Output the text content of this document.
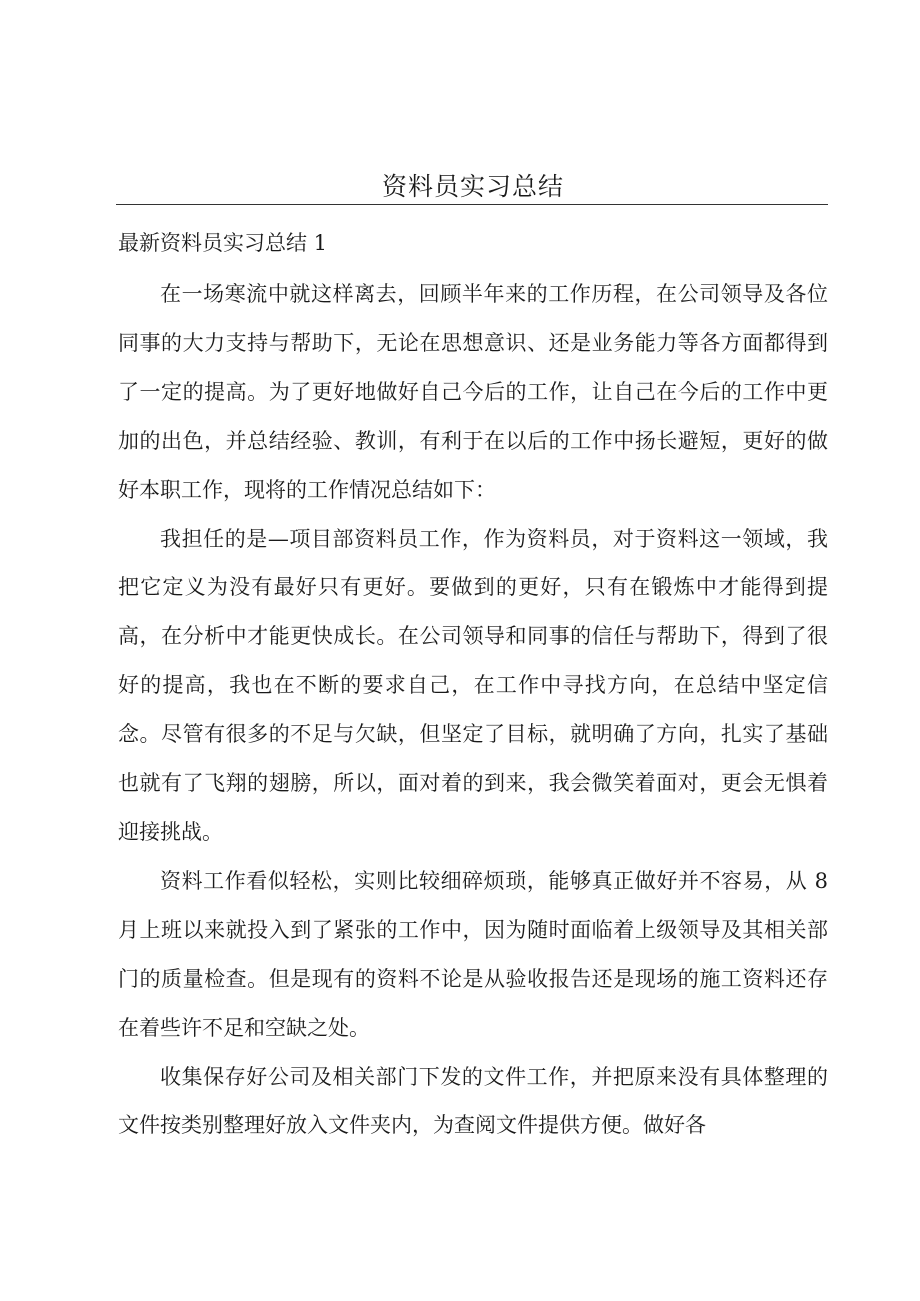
资料员实习总结
最新资料员实习总结 1

在一场寒流中就这样离去，回顾半年来的工作历程，在公司领导及各位同事的大力支持与帮助下，无论在思想意识、还是业务能力等各方面都得到了一定的提高。为了更好地做好自己今后的工作，让自己在今后的工作中更加的出色，并总结经验、教训，有利于在以后的工作中扬长避短，更好的做好本职工作，现将的工作情况总结如下：

我担任的是—项目部资料员工作，作为资料员，对于资料这一领域，我把它定义为没有最好只有更好。要做到的更好，只有在锻炼中才能得到提高，在分析中才能更快成长。在公司领导和同事的信任与帮助下，得到了很好的提高，我也在不断的要求自己，在工作中寻找方向，在总结中坚定信念。尽管有很多的不足与欠缺，但坚定了目标，就明确了方向，扎实了基础也就有了飞翔的翅膀，所以，面对着的到来，我会微笑着面对，更会无惧着迎接挑战。

资料工作看似轻松，实则比较细碎烦琐，能够真正做好并不容易，从 8 月上班以来就投入到了紧张的工作中，因为随时面临着上级领导及其相关部门的质量检查。但是现有的资料不论是从验收报告还是现场的施工资料还存在着些许不足和空缺之处。

收集保存好公司及相关部门下发的文件工作，并把原来没有具体整理的文件按类别整理好放入文件夹内，为查阅文件提供方便。做好各
